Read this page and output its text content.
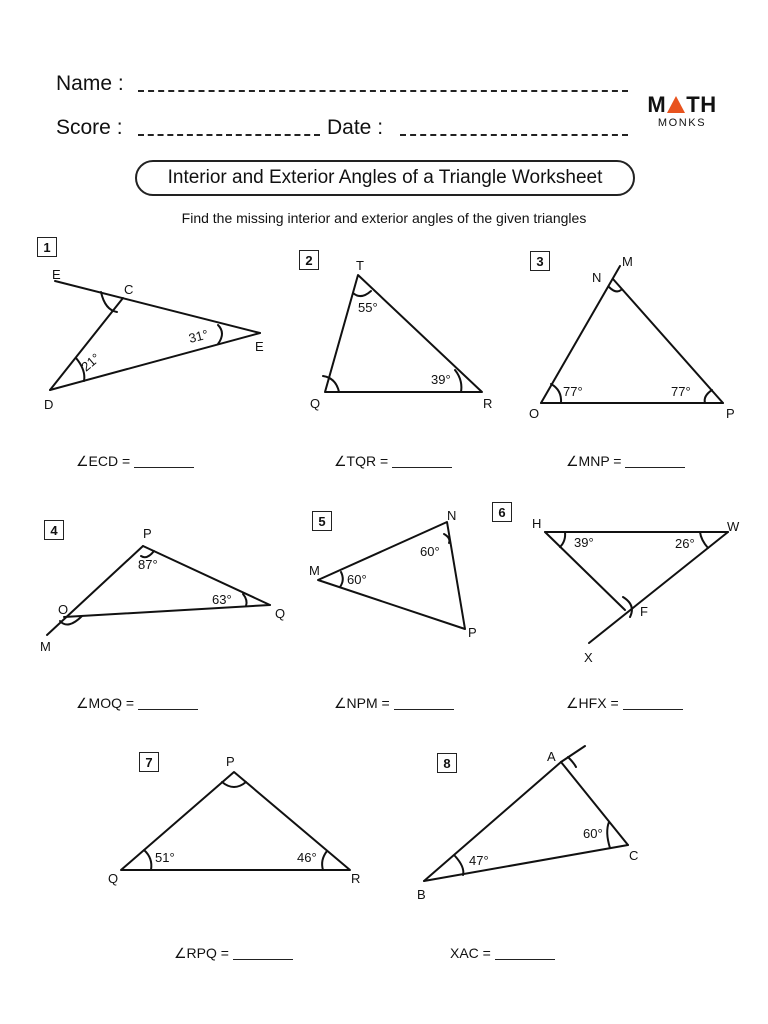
Name :
Score :	Date :
M TH
MONKS
Interior and Exterior Angles of a Triangle Worksheet
Find the missing interior and exterior angles of the given triangles
1
2	3
4
5
6
7	8
E
C
E
D
31°
21°
T
Q	R
55°
39°
N
M
O	P
77°	77°
P
O
M
Q
87°
63°
N
M
P
60°
60°
H	W
F
X
39°	26°
P
Q	R
51°	46°
A
C
B
60°
47°
∠ECD =	∠TQR =	∠MNP =
∠MOQ =	∠NPM =	∠HFX =
∠RPQ =	XAC =
